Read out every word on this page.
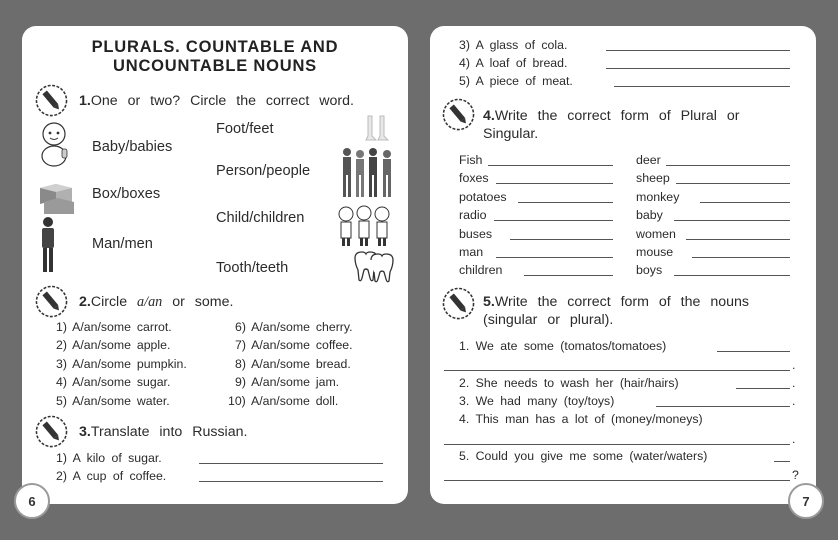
PLURALS. COUNTABLE AND
UNCOUNTABLE NOUNS
1.One or two? Circle the correct word.
Baby/babies
Box/boxes
Man/men
Foot/feet
Person/people
Child/children
Tooth/teeth
2.Circle a/an or some.
1) A/an/some carrot.
2) A/an/some apple.
3) A/an/some pumpkin.
4) A/an/some sugar.
5) A/an/some water.
6) A/an/some cherry.
7) A/an/some coffee.
8) A/an/some bread.
9) A/an/some jam.
10) A/an/some doll.
3.Translate into Russian.
1) A kilo of sugar.
2) A cup of coffee.
6
3) A glass of cola.
4) A loaf of bread.
5) A piece of meat.
4.Write the correct form of Plural or
Singular.
Fish
foxes
potatoes
radio
buses
man
children
deer
sheep
monkey
baby
women
mouse
boys
5.Write the correct form of the nouns
(singular or plural).
1. We ate some (tomatos/tomatoes)
.
2. She needs to wash her (hair/hairs)	.
3. We had many (toy/toys)	.
4. This man has a lot of (money/moneys)
.
5. Could you give me some (water/waters)
?
7
